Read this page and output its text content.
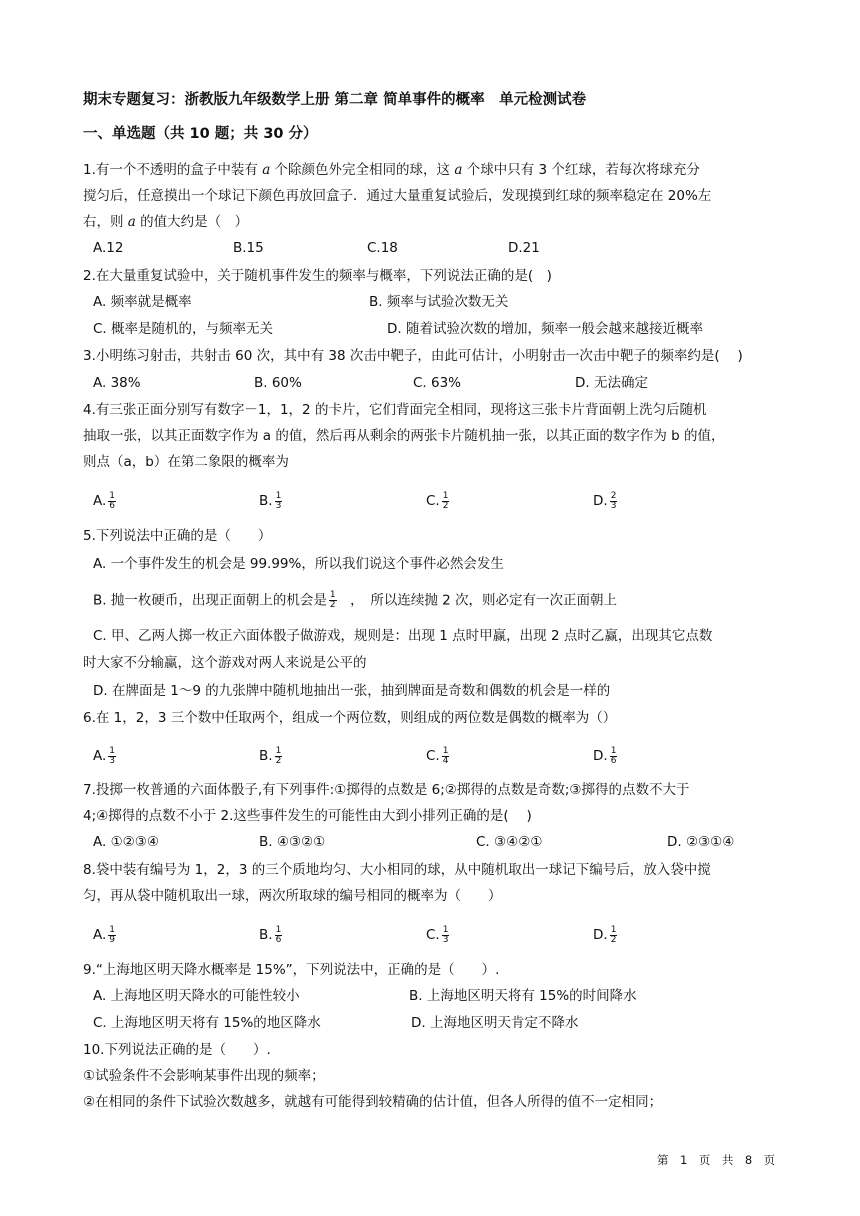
期末专题复习：浙教版九年级数学上册 第二章 简单事件的概率　单元检测试卷
一、单选题（共 10 题；共 30 分）
1.有一个不透明的盒子中装有 a 个除颜色外完全相同的球，这 a 个球中只有 3 个红球，若每次将球充分
搅匀后，任意摸出一个球记下颜色再放回盒子．通过大量重复试验后，发现摸到红球的频率稳定在 20%左
右，则 a 的值大约是（　）
A.12	B.15	C.18	D.21
2.在大量重复试验中，关于随机事件发生的频率与概率，下列说法正确的是(　)
A. 频率就是概率	B. 频率与试验次数无关
C. 概率是随机的，与频率无关	D. 随着试验次数的增加，频率一般会越来越接近概率
3.小明练习射击，共射击 60 次，其中有 38 次击中靶子，由此可估计，小明射击一次击中靶子的频率约是(　 )
A. 38%	B. 60%	C. 63%	D. 无法确定
4.有三张正面分别写有数字－1，1，2 的卡片，它们背面完全相同，现将这三张卡片背面朝上洗匀后随机
抽取一张，以其正面数字作为 a 的值，然后再从剩余的两张卡片随机抽一张，以其正面的数字作为 b 的值，
则点（a，b）在第二象限的概率为
A. $\frac{1}{6}$	B. $\frac{1}{3}$	C. $\frac{1}{2}$	D. $\frac{2}{3}$
5.下列说法中正确的是（　　）
A. 一个事件发生的机会是 99.99%，所以我们说这个事件必然会发生
B. 抛一枚硬币，出现正面朝上的机会是 $\frac{1}{2}$ 　，　所以连续抛 2 次，则必定有一次正面朝上
C. 甲、乙两人掷一枚正六面体骰子做游戏，规则是：出现 1 点时甲赢，出现 2 点时乙赢，出现其它点数
时大家不分输赢，这个游戏对两人来说是公平的
D. 在牌面是 1～9 的九张牌中随机地抽出一张，抽到牌面是奇数和偶数的机会是一样的
6.在 1，2，3 三个数中任取两个，组成一个两位数，则组成的两位数是偶数的概率为（）
A. $\frac{1}{3}$	B. $\frac{1}{2}$	C. $\frac{1}{4}$	D. $\frac{1}{6}$
7.投掷一枚普通的六面体骰子,有下列事件:①掷得的点数是 6;②掷得的点数是奇数;③掷得的点数不大于
4;④掷得的点数不小于 2.这些事件发生的可能性由大到小排列正确的是(　 )
A. ①②③④	B. ④③②①	C. ③④②①	D. ②③①④
8.袋中装有编号为 1，2，3 的三个质地均匀、大小相同的球，从中随机取出一球记下编号后，放入袋中搅
匀，再从袋中随机取出一球，两次所取球的编号相同的概率为（　　）
A. $\frac{1}{9}$	B. $\frac{1}{6}$	C. $\frac{1}{3}$	D. $\frac{1}{2}$
9.“上海地区明天降水概率是 15%”，下列说法中，正确的是（　　）.
A. 上海地区明天降水的可能性较小	B. 上海地区明天将有 15%的时间降水
C. 上海地区明天将有 15%的地区降水	D. 上海地区明天肯定不降水
10.下列说法正确的是（　　）.
①试验条件不会影响某事件出现的频率；
②在相同的条件下试验次数越多，就越有可能得到较精确的估计值，但各人所得的值不一定相同；
第　1　页　共　8　页
